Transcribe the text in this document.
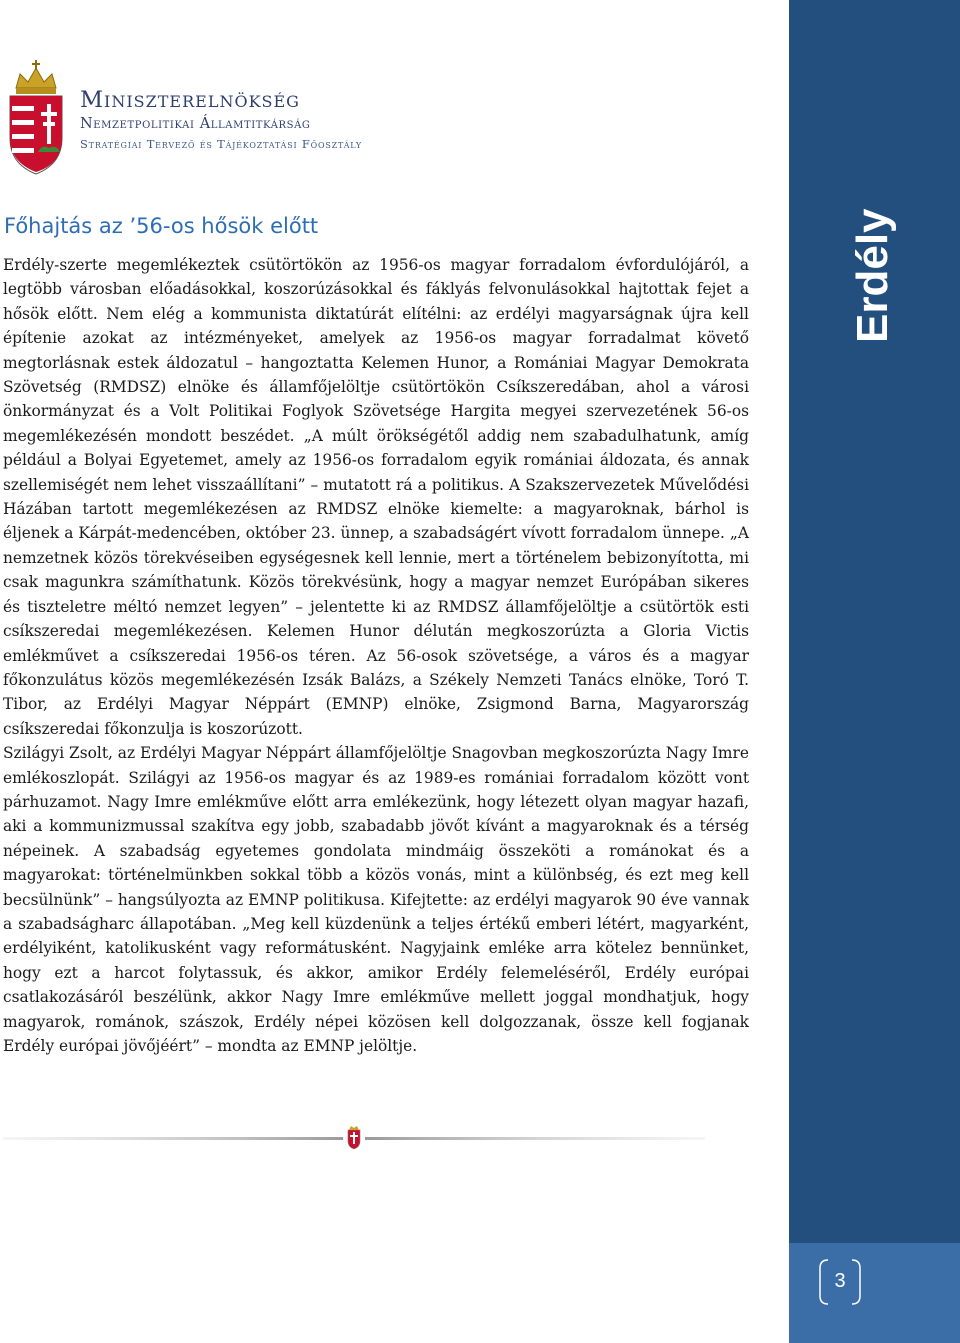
Erdély
3
Miniszterelnökség
Nemzetpolitikai Államtitkárság
Stratégiai Tervező és Tájékoztatási Főosztály
Főhajtás az ’56-os hősök előtt

Erdély-szerte megemlékeztek csütörtökön az 1956-os magyar forradalom évfordulójáról, a legtöbb városban előadásokkal, koszorúzásokkal és fáklyás felvonulásokkal hajtottak fejet a hősök előtt. Nem elég a kommunista diktatúrát elítélni: az erdélyi magyarságnak újra kell építenie azokat az intézményeket, amelyek az 1956-os magyar forradalmat követő megtorlásnak estek áldozatul – hangoztatta Kelemen Hunor, a Romániai Magyar Demokrata Szövetség (RMDSZ) elnöke és államfőjelöltje csütörtökön Csíkszeredában, ahol a városi önkormányzat és a Volt Politikai Foglyok Szövetsége Hargita megyei szervezetének 56-os megemlékezésén mondott beszédet. „A múlt örökségétől addig nem szabadulhatunk, amíg például a Bolyai Egyetemet, amely az 1956-os forradalom egyik romániai áldozata, és annak szellemiségét nem lehet visszaállítani” – mutatott rá a politikus. A Szakszervezetek Művelődési Házában tartott megemlékezésen az RMDSZ elnöke kiemelte: a magyaroknak, bárhol is éljenek a Kárpát-medencében, október 23. ünnep, a szabadságért vívott forradalom ünnepe. „A nemzetnek közös törekvéseiben egységesnek kell lennie, mert a történelem bebizonyította, mi csak magunkra számíthatunk. Közös törekvésünk, hogy a magyar nemzet Európában sikeres és tiszteletre méltó nemzet legyen” – jelentette ki az RMDSZ államfőjelöltje a csütörtök esti csíkszeredai megemlékezésen. Kelemen Hunor délután megkoszorúzta a Gloria Victis emlékművet a csíkszeredai 1956-os téren. Az 56-osok szövetsége, a város és a magyar főkonzulátus közös megemlékezésén Izsák Balázs, a Székely Nemzeti Tanács elnöke, Toró T. Tibor, az Erdélyi Magyar Néppárt (EMNP) elnöke, Zsigmond Barna, Magyarország csíkszeredai főkonzulja is koszorúzott.

Szilágyi Zsolt, az Erdélyi Magyar Néppárt államfőjelöltje Snagovban megkoszorúzta Nagy Imre emlékoszlopát. Szilágyi az 1956-os magyar és az 1989-es romániai forradalom között vont párhuzamot. Nagy Imre emlékműve előtt arra emlékezünk, hogy létezett olyan magyar hazafi, aki a kommunizmussal szakítva egy jobb, szabadabb jövőt kívánt a magyaroknak és a térség népeinek. A szabadság egyetemes gondolata mindmáig összeköti a románokat és a magyarokat: történelmünkben sokkal több a közös vonás, mint a különbség, és ezt meg kell becsülnünk” – hangsúlyozta az EMNP politikusa. Kifejtette: az erdélyi magyarok 90 éve vannak a szabadságharc állapotában. „Meg kell küzdenünk a teljes értékű emberi létért, magyarként, erdélyiként, katolikusként vagy reformátusként. Nagyjaink emléke arra kötelez bennünket, hogy ezt a harcot folytassuk, és akkor, amikor Erdély felemeléséről, Erdély európai csatlakozásáról beszélünk, akkor Nagy Imre emlékműve mellett joggal mondhatjuk, hogy magyarok, románok, szászok, Erdély népei közösen kell dolgozzanak, össze kell fogjanak Erdély európai jövőjéért” – mondta az EMNP jelöltje.
